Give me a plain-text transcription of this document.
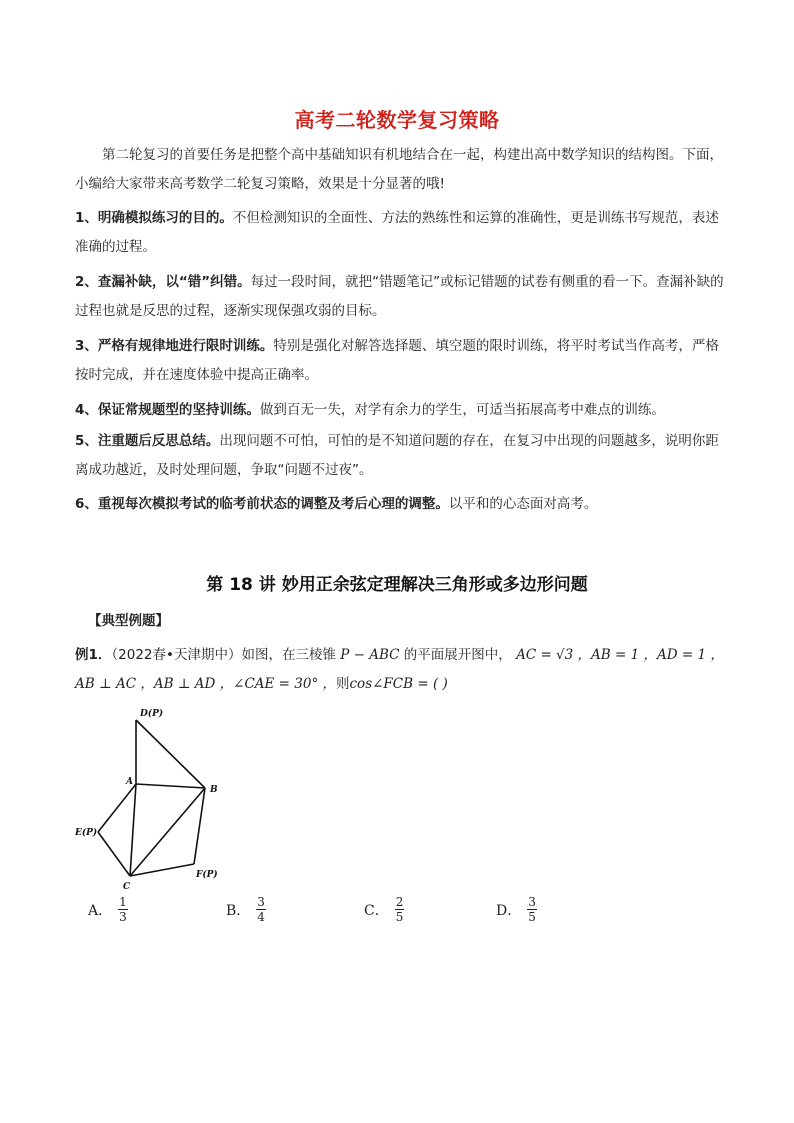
高考二轮数学复习策略
第二轮复习的首要任务是把整个高中基础知识有机地结合在一起，构建出高中数学知识的结构图。下面，小编给大家带来高考数学二轮复习策略，效果是十分显著的哦!
1、明确模拟练习的目的。不但检测知识的全面性、方法的熟练性和运算的准确性，更是训练书写规范，表述准确的过程。
2、查漏补缺，以“错”纠错。每过一段时间，就把“错题笔记”或标记错题的试卷有侧重的看一下。查漏补缺的过程也就是反思的过程，逐渐实现保强攻弱的目标。
3、严格有规律地进行限时训练。特别是强化对解答选择题、填空题的限时训练，将平时考试当作高考，严格按时完成，并在速度体验中提高正确率。
4、保证常规题型的坚持训练。做到百无一失，对学有余力的学生，可适当拓展高考中难点的训练。
5、注重题后反思总结。出现问题不可怕，可怕的是不知道问题的存在，在复习中出现的问题越多，说明你距离成功越近，及时处理问题，争取“问题不过夜”。
6、重视每次模拟考试的临考前状态的调整及考后心理的调整。以平和的心态面对高考。
第 18 讲 妙用正余弦定理解决三角形或多边形问题
【典型例题】
例1．（2022春•天津期中）如图，在三棱锥 P − ABC 的平面展开图中， AC = √3 ，AB = 1 ，AD = 1 ，
AB ⊥ AC ，AB ⊥ AD ，∠CAE = 30° ，则cos∠FCB = ( )
D(P)
A
B
E(P)
C
F(P)
A． $\frac{1}{3}$	B． $\frac{3}{4}$	C． $\frac{2}{5}$	D． $\frac{3}{5}$
